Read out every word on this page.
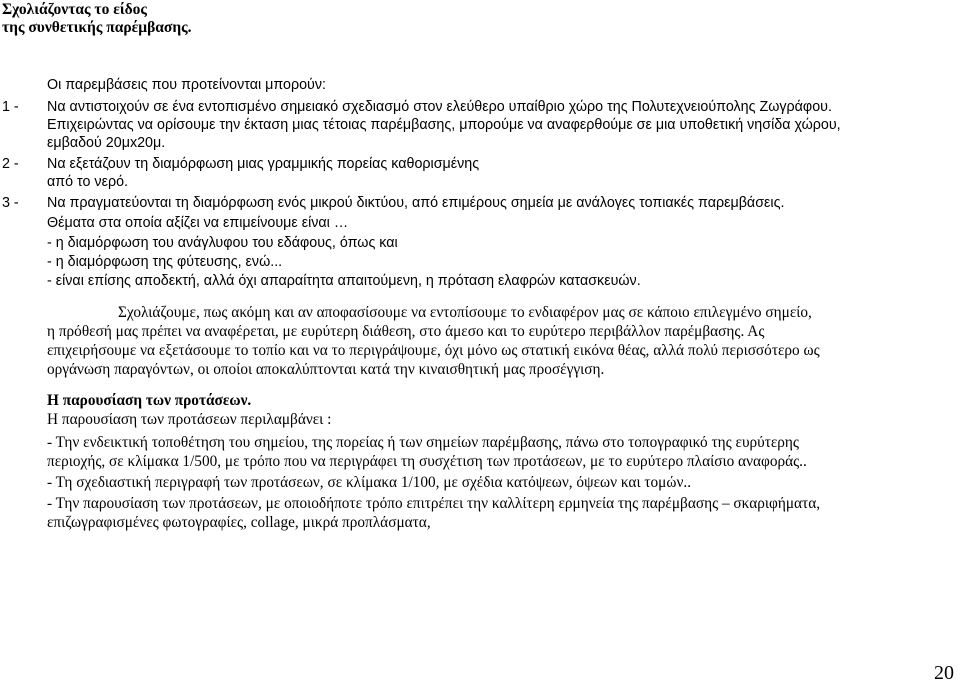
Σχολιάζοντας το είδος
της συνθετικής παρέμβασης.
Οι παρεμβάσεις που προτείνονται μπορούν:
1 - Να αντιστοιχούν σε ένα εντοπισμένο σημειακό σχεδιασμό στον ελεύθερο υπαίθριο χώρο της Πολυτεχνειούπολης Ζωγράφου.
Επιχειρώντας να ορίσουμε την έκταση μιας τέτοιας παρέμβασης, μπορούμε να αναφερθούμε σε μια υποθετική νησίδα χώρου,
εμβαδού 20μx20μ.
2 - Να εξετάζουν τη διαμόρφωση μιας γραμμικής πορείας καθορισμένης
από το νερό.
3 - Να πραγματεύονται τη διαμόρφωση ενός μικρού δικτύου, από επιμέρους σημεία με ανάλογες τοπιακές παρεμβάσεις.
Θέματα στα οποία αξίζει να επιμείνουμε είναι …
- η διαμόρφωση του ανάγλυφου του εδάφους, όπως και
- η διαμόρφωση της φύτευσης, ενώ...
- είναι επίσης αποδεκτή, αλλά όχι απαραίτητα απαιτούμενη, η πρόταση ελαφρών κατασκευών.
Σχολιάζουμε, πως ακόμη και αν αποφασίσουμε να εντοπίσουμε το ενδιαφέρον μας σε κάποιο επιλεγμένο σημείο,
η πρόθεσή μας πρέπει να αναφέρεται, με ευρύτερη διάθεση, στο άμεσο και το ευρύτερο περιβάλλον παρέμβασης. Ας
επιχειρήσουμε να εξετάσουμε το τοπίο και να το περιγράψουμε, όχι μόνο ως στατική εικόνα θέας, αλλά πολύ περισσότερο ως
οργάνωση παραγόντων, οι οποίοι αποκαλύπτονται κατά την κιναισθητική μας προσέγγιση.
Η παρουσίαση των προτάσεων.
Η παρουσίαση των προτάσεων περιλαμβάνει :
- Την ενδεικτική τοποθέτηση του σημείου, της πορείας ή των σημείων παρέμβασης, πάνω στο τοπογραφικό της ευρύτερης
περιοχής, σε κλίμακα 1/500, με τρόπο που να περιγράφει τη συσχέτιση των προτάσεων, με το ευρύτερο πλαίσιο αναφοράς..
- Τη σχεδιαστική περιγραφή των προτάσεων, σε κλίμακα 1/100, με σχέδια κατόψεων, όψεων και τομών..
- Την παρουσίαση των προτάσεων, με οποιοδήποτε τρόπο επιτρέπει την καλλίτερη ερμηνεία της παρέμβασης – σκαριφήματα,
επιζωγραφισμένες φωτογραφίες, collage, μικρά προπλάσματα,
20
